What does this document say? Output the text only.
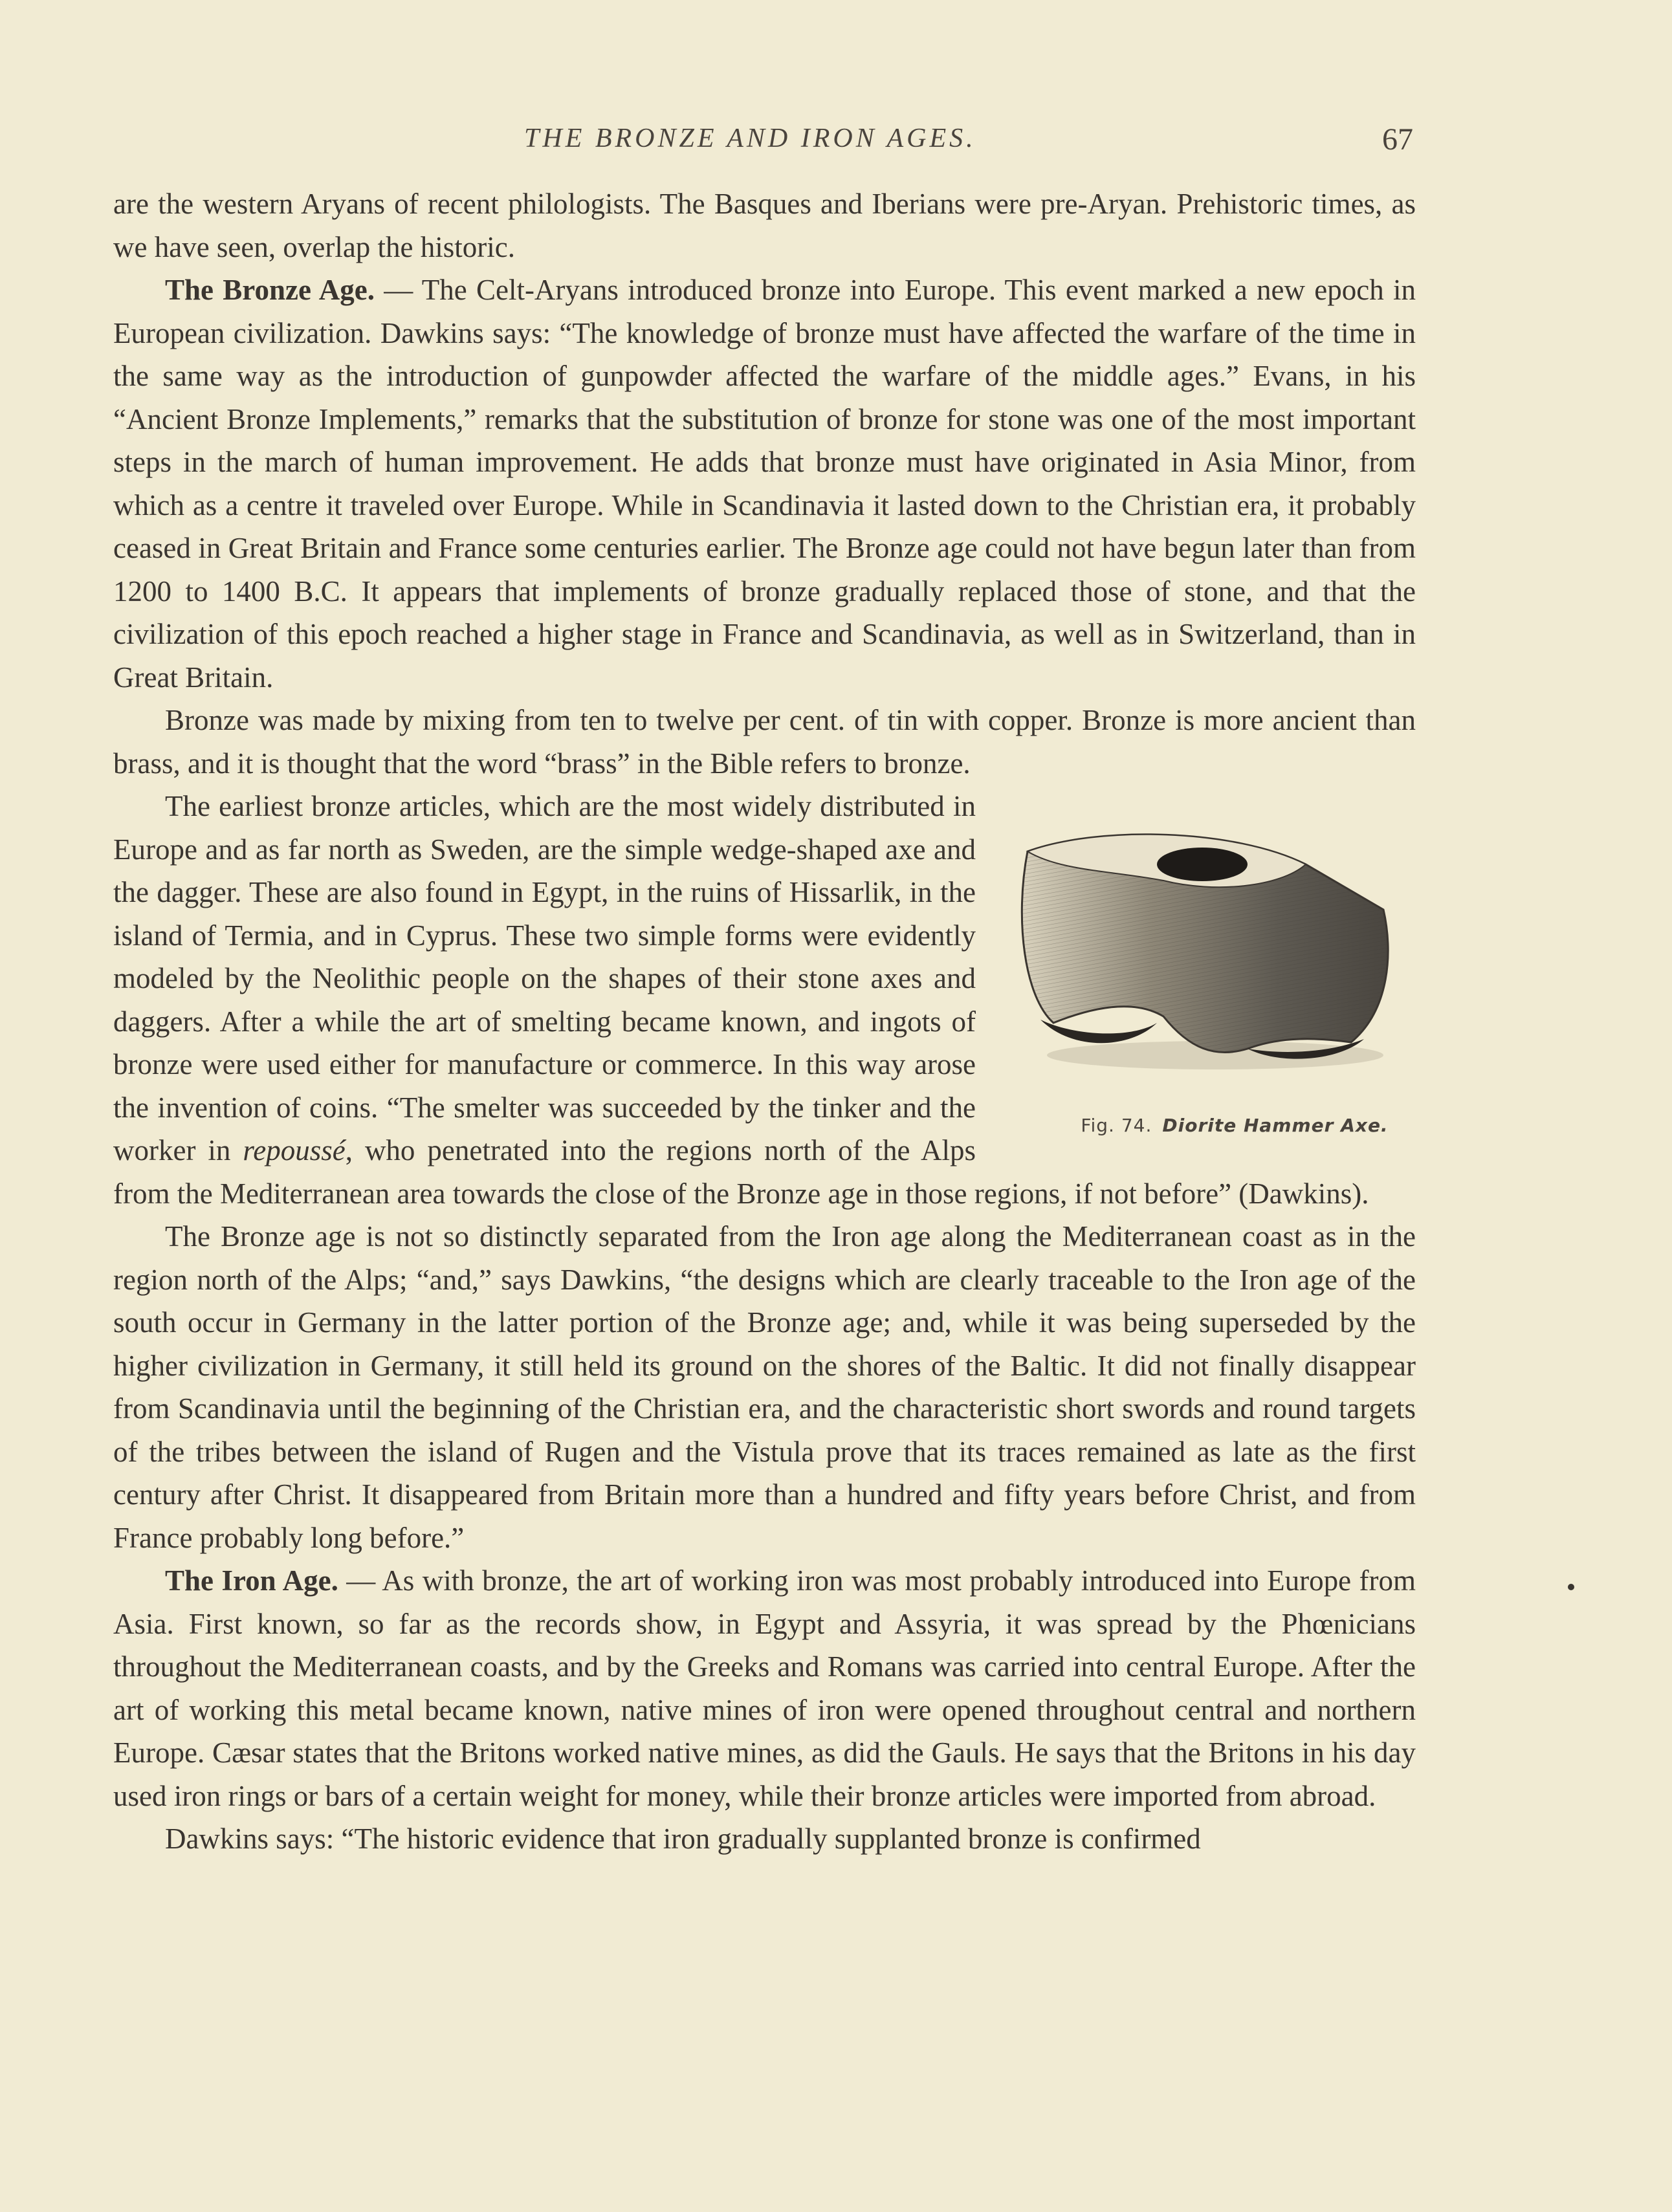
THE BRONZE AND IRON AGES.	67

are the western Aryans of recent philologists. The Basques and Iberians were pre-Aryan. Prehistoric times, as we have seen, overlap the historic.

The Bronze Age. — The Celt-Aryans introduced bronze into Europe. This event marked a new epoch in European civilization. Dawkins says: “The knowledge of bronze must have affected the warfare of the time in the same way as the introduction of gunpowder affected the warfare of the middle ages.” Evans, in his “Ancient Bronze Implements,” remarks that the substitution of bronze for stone was one of the most important steps in the march of human improvement. He adds that bronze must have originated in Asia Minor, from which as a centre it traveled over Europe. While in Scandinavia it lasted down to the Christian era, it probably ceased in Great Britain and France some centuries earlier. The Bronze age could not have begun later than from 1200 to 1400 B.C. It appears that implements of bronze gradually replaced those of stone, and that the civilization of this epoch reached a higher stage in France and Scandinavia, as well as in Switzerland, than in Great Britain.

Bronze was made by mixing from ten to twelve per cent. of tin with copper. Bronze is more ancient than brass, and it is thought that the word “brass” in the Bible refers to bronze.

Fig. 74. Diorite Hammer Axe.
The earliest bronze articles, which are the most widely distributed in Europe and as far north as Sweden, are the simple wedge-shaped axe and the dagger. These are also found in Egypt, in the ruins of Hissarlik, in the island of Termia, and in Cyprus. These two simple forms were evidently modeled by the Neolithic people on the shapes of their stone axes and daggers. After a while the art of smelting became known, and ingots of bronze were used either for manufacture or commerce. In this way arose the invention of coins. “The smelter was succeeded by the tinker and the worker in repoussé, who penetrated into the regions north of the Alps from the Mediterranean area towards the close of the Bronze age in those regions, if not before” (Dawkins).

The Bronze age is not so distinctly separated from the Iron age along the Mediterranean coast as in the region north of the Alps; “and,” says Dawkins, “the designs which are clearly traceable to the Iron age of the south occur in Germany in the latter portion of the Bronze age; and, while it was being superseded by the higher civilization in Germany, it still held its ground on the shores of the Baltic. It did not finally disappear from Scandinavia until the beginning of the Christian era, and the characteristic short swords and round targets of the tribes between the island of Rugen and the Vistula prove that its traces remained as late as the first century after Christ. It disappeared from Britain more than a hundred and fifty years before Christ, and from France probably long before.”

The Iron Age. — As with bronze, the art of working iron was most probably introduced into Europe from Asia. First known, so far as the records show, in Egypt and Assyria, it was spread by the Phœnicians throughout the Mediterranean coasts, and by the Greeks and Romans was carried into central Europe. After the art of working this metal became known, native mines of iron were opened throughout central and northern Europe. Cæsar states that the Britons worked native mines, as did the Gauls. He says that the Britons in his day used iron rings or bars of a certain weight for money, while their bronze articles were imported from abroad.

Dawkins says: “The historic evidence that iron gradually supplanted bronze is confirmed
